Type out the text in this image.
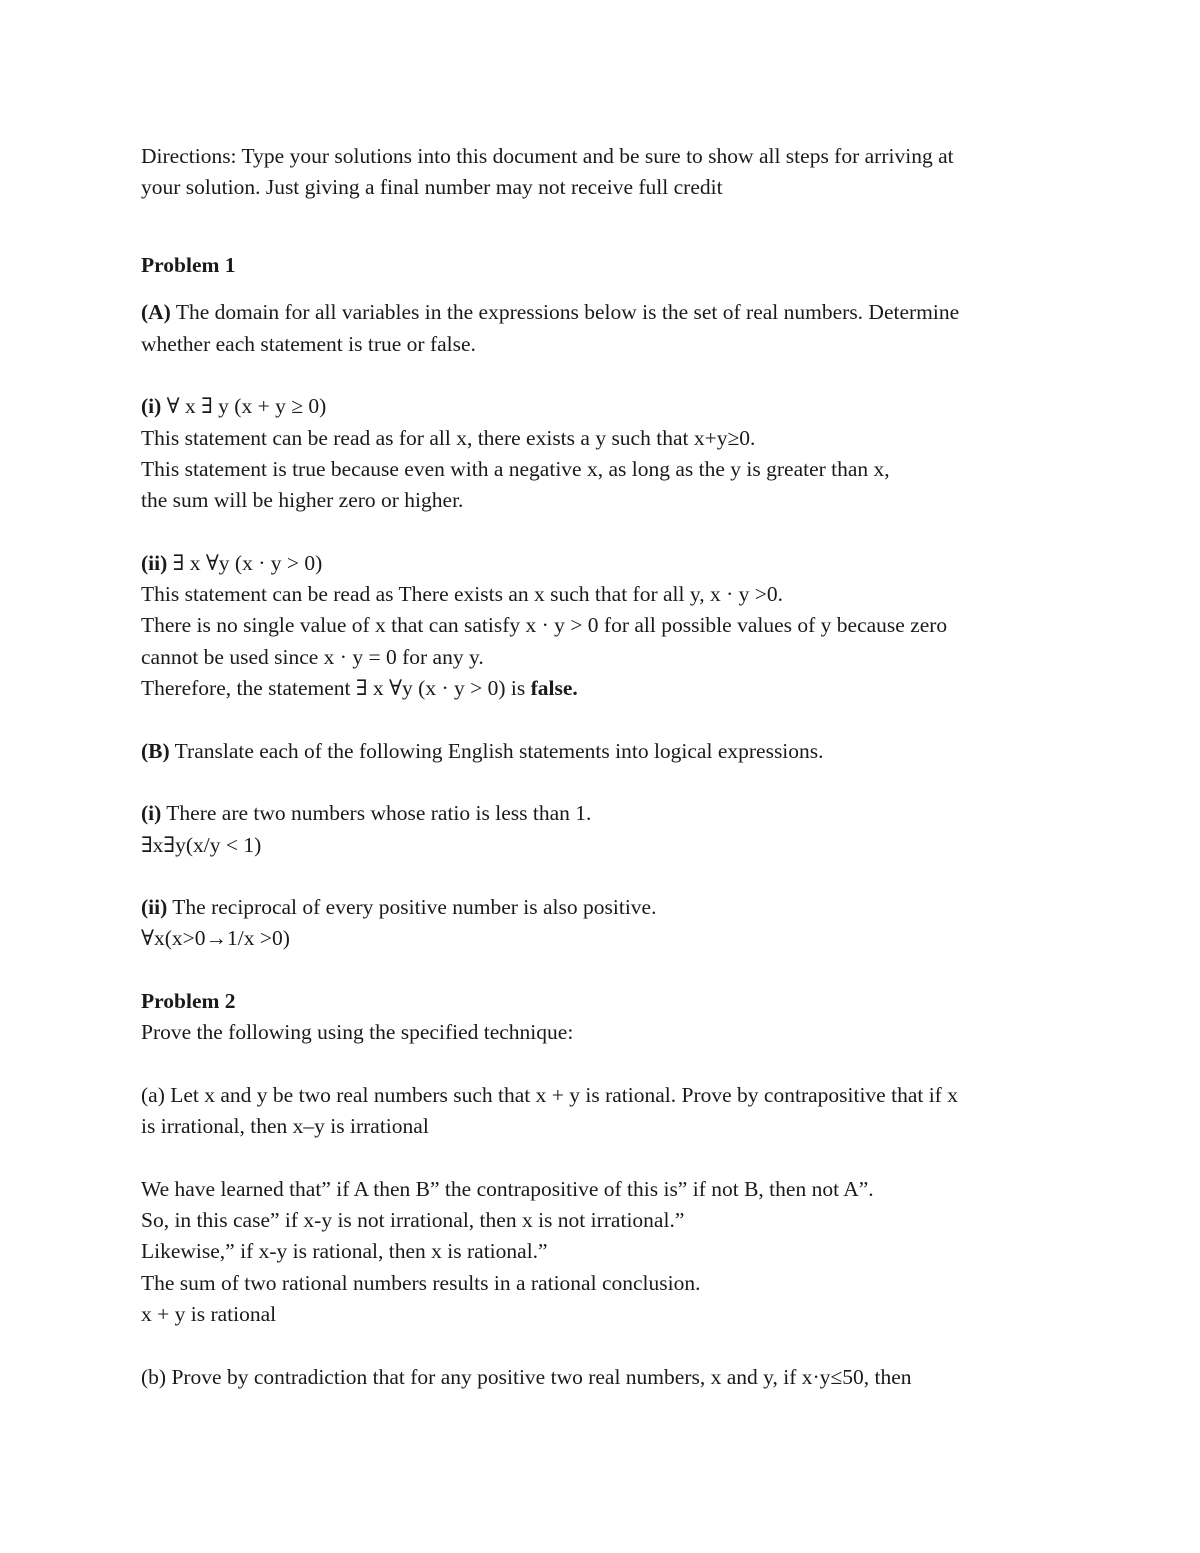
Directions: Type your solutions into this document and be sure to show all steps for arriving at
your solution. Just giving a final number may not receive full credit
Problem 1
(A) The domain for all variables in the expressions below is the set of real numbers. Determine
whether each statement is true or false.
(i) ∀ x ∃ y (x + y ≥ 0)
This statement can be read as for all x, there exists a y such that x+y≥0.
This statement is true because even with a negative x, as long as the y is greater than x,
the sum will be higher zero or higher.
(ii) ∃ x ∀y (x · y > 0)
This statement can be read as There exists an x such that for all y, x · y >0.
There is no single value of x that can satisfy x · y > 0 for all possible values of y because zero
cannot be used since x · y = 0 for any y.
Therefore, the statement ∃ x ∀y (x · y > 0) is false.
(B) Translate each of the following English statements into logical expressions.
(i) There are two numbers whose ratio is less than 1.
∃x∃y(x/y < 1)
(ii) The reciprocal of every positive number is also positive.
∀x(x>0→1/x >0)
Problem 2
Prove the following using the specified technique:
(a) Let x and y be two real numbers such that x + y is rational. Prove by contrapositive that if x
is irrational, then x–y is irrational
We have learned that” if A then B” the contrapositive of this is” if not B, then not A”.
So, in this case” if x-y is not irrational, then x is not irrational.”
Likewise,” if x-y is rational, then x is rational.”
The sum of two rational numbers results in a rational conclusion.
x + y is rational
(b) Prove by contradiction that for any positive two real numbers, x and y, if x·y≤50, then
